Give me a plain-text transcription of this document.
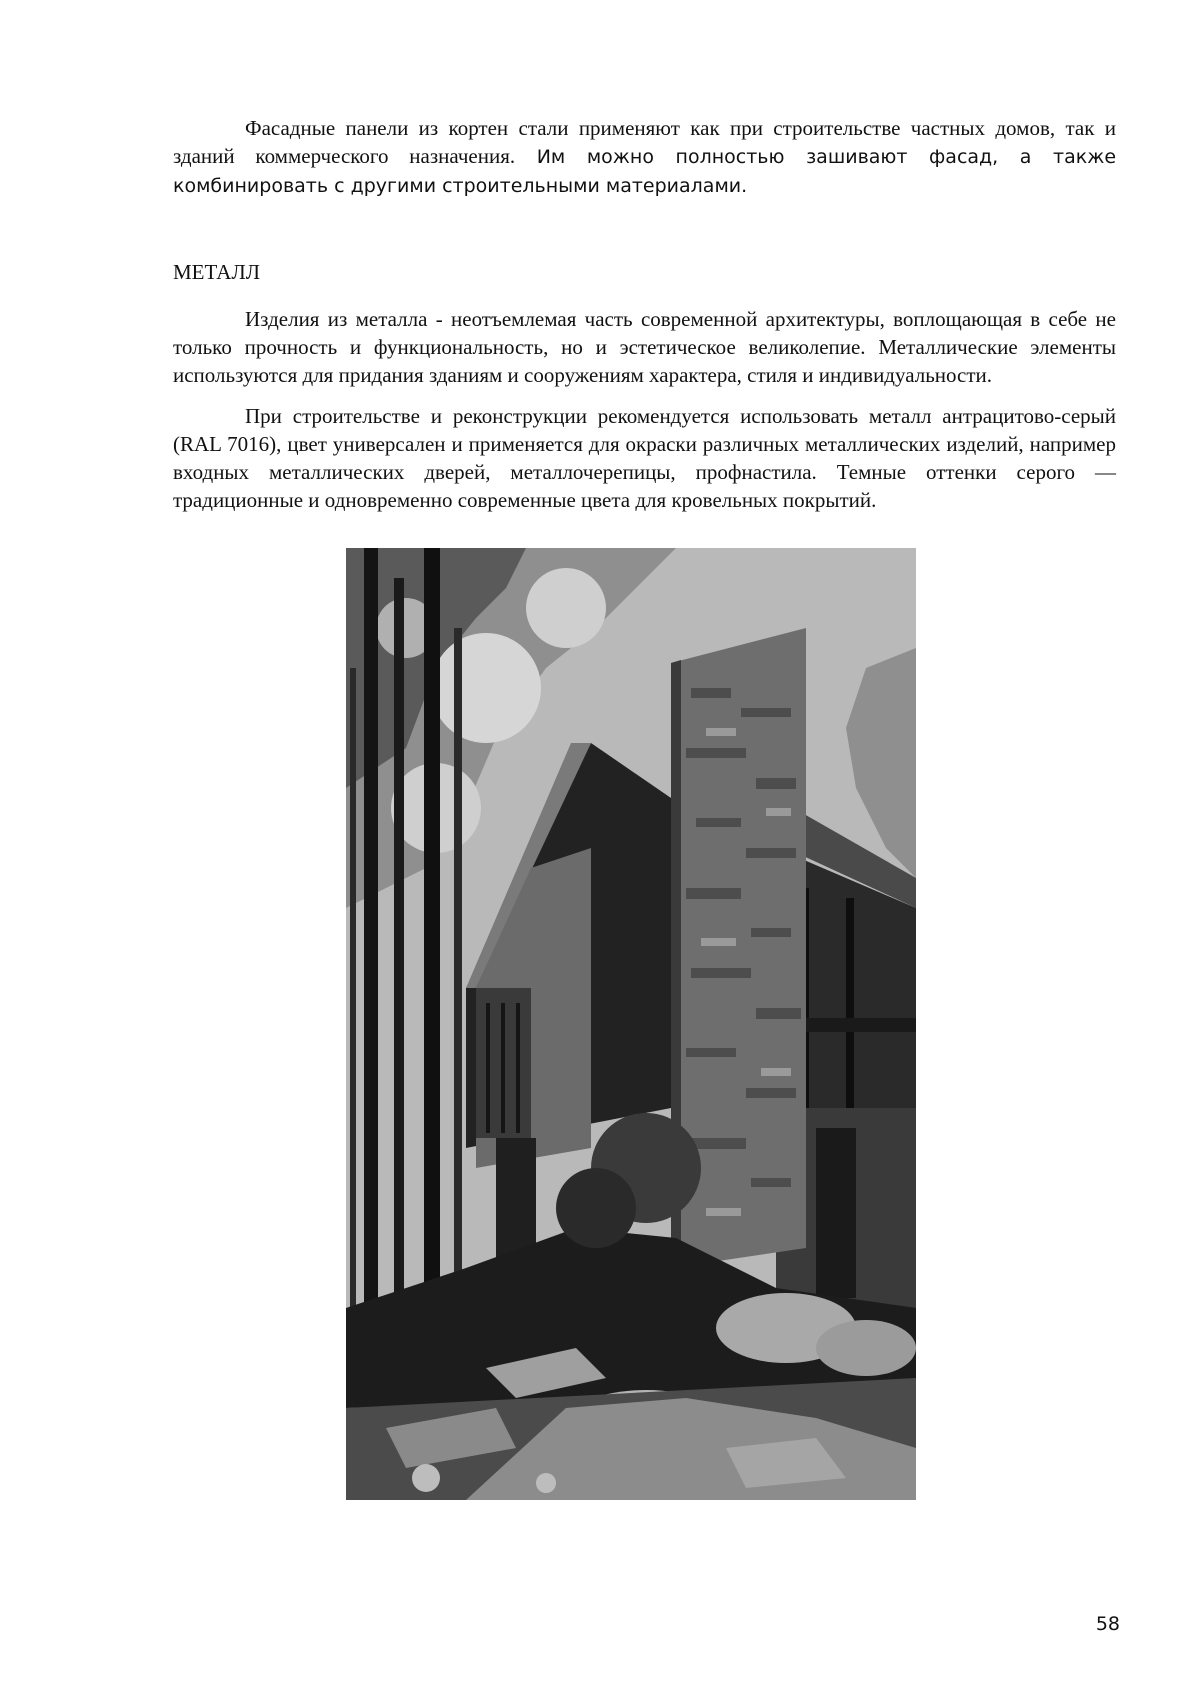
Фасадные панели из кортен стали применяют как при строительстве частных домов, так и зданий коммерческого назначения. Им можно полностью зашивают фасад, а также комбинировать с другими строительными материалами.

МЕТАЛЛ

Изделия из металла - неотъемлемая часть современной архитектуры, воплощающая в себе не только прочность и функциональность, но и эстетическое великолепие. Металлические элементы используются для придания зданиям и сооружениям характера, стиля и индивидуальности.

При строительстве и реконструкции рекомендуется использовать металл антрацитово-серый (RAL 7016), цвет универсален и применяется для окраски различных металлических изделий, например входных металлических дверей, металлочерепицы, профнастила. Темные оттенки серого — традиционные и одновременно современные цвета для кровельных покрытий.

58
